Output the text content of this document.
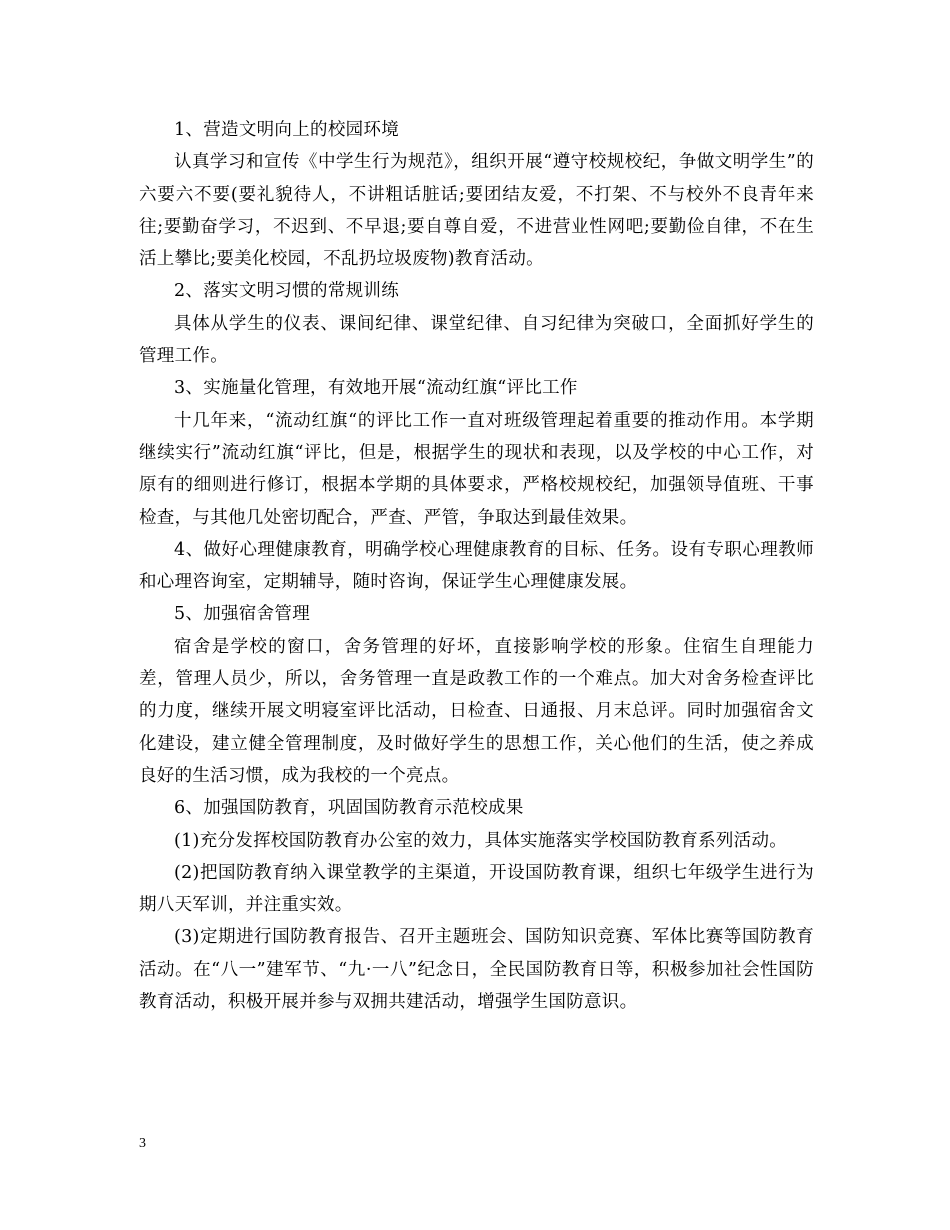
1、营造文明向上的校园环境

认真学习和宣传《中学生行为规范》，组织开展“遵守校规校纪，争做文明学生”的六要六不要(要礼貌待人，不讲粗话脏话;要团结友爱，不打架、不与校外不良青年来往;要勤奋学习，不迟到、不早退;要自尊自爱，不进营业性网吧;要勤俭自律，不在生活上攀比;要美化校园，不乱扔垃圾废物)教育活动。

2、落实文明习惯的常规训练

具体从学生的仪表、课间纪律、课堂纪律、自习纪律为突破口，全面抓好学生的管理工作。

3、实施量化管理，有效地开展“流动红旗“评比工作

十几年来，“流动红旗“的评比工作一直对班级管理起着重要的推动作用。本学期继续实行”流动红旗“评比，但是，根据学生的现状和表现，以及学校的中心工作，对原有的细则进行修订，根据本学期的具体要求，严格校规校纪，加强领导值班、干事检查，与其他几处密切配合，严查、严管，争取达到最佳效果。

4、做好心理健康教育，明确学校心理健康教育的目标、任务。设有专职心理教师和心理咨询室，定期辅导，随时咨询，保证学生心理健康发展。

5、加强宿舍管理

宿舍是学校的窗口，舍务管理的好坏，直接影响学校的形象。住宿生自理能力差，管理人员少，所以，舍务管理一直是政教工作的一个难点。加大对舍务检查评比的力度，继续开展文明寝室评比活动，日检查、日通报、月末总评。同时加强宿舍文化建设，建立健全管理制度，及时做好学生的思想工作，关心他们的生活，使之养成良好的生活习惯，成为我校的一个亮点。

6、加强国防教育，巩固国防教育示范校成果

(1)充分发挥校国防教育办公室的效力，具体实施落实学校国防教育系列活动。

(2)把国防教育纳入课堂教学的主渠道，开设国防教育课，组织七年级学生进行为期八天军训，并注重实效。

(3)定期进行国防教育报告、召开主题班会、国防知识竞赛、军体比赛等国防教育活动。在“八一”建军节、“九·一八”纪念日，全民国防教育日等，积极参加社会性国防教育活动，积极开展并参与双拥共建活动，增强学生国防意识。

3
